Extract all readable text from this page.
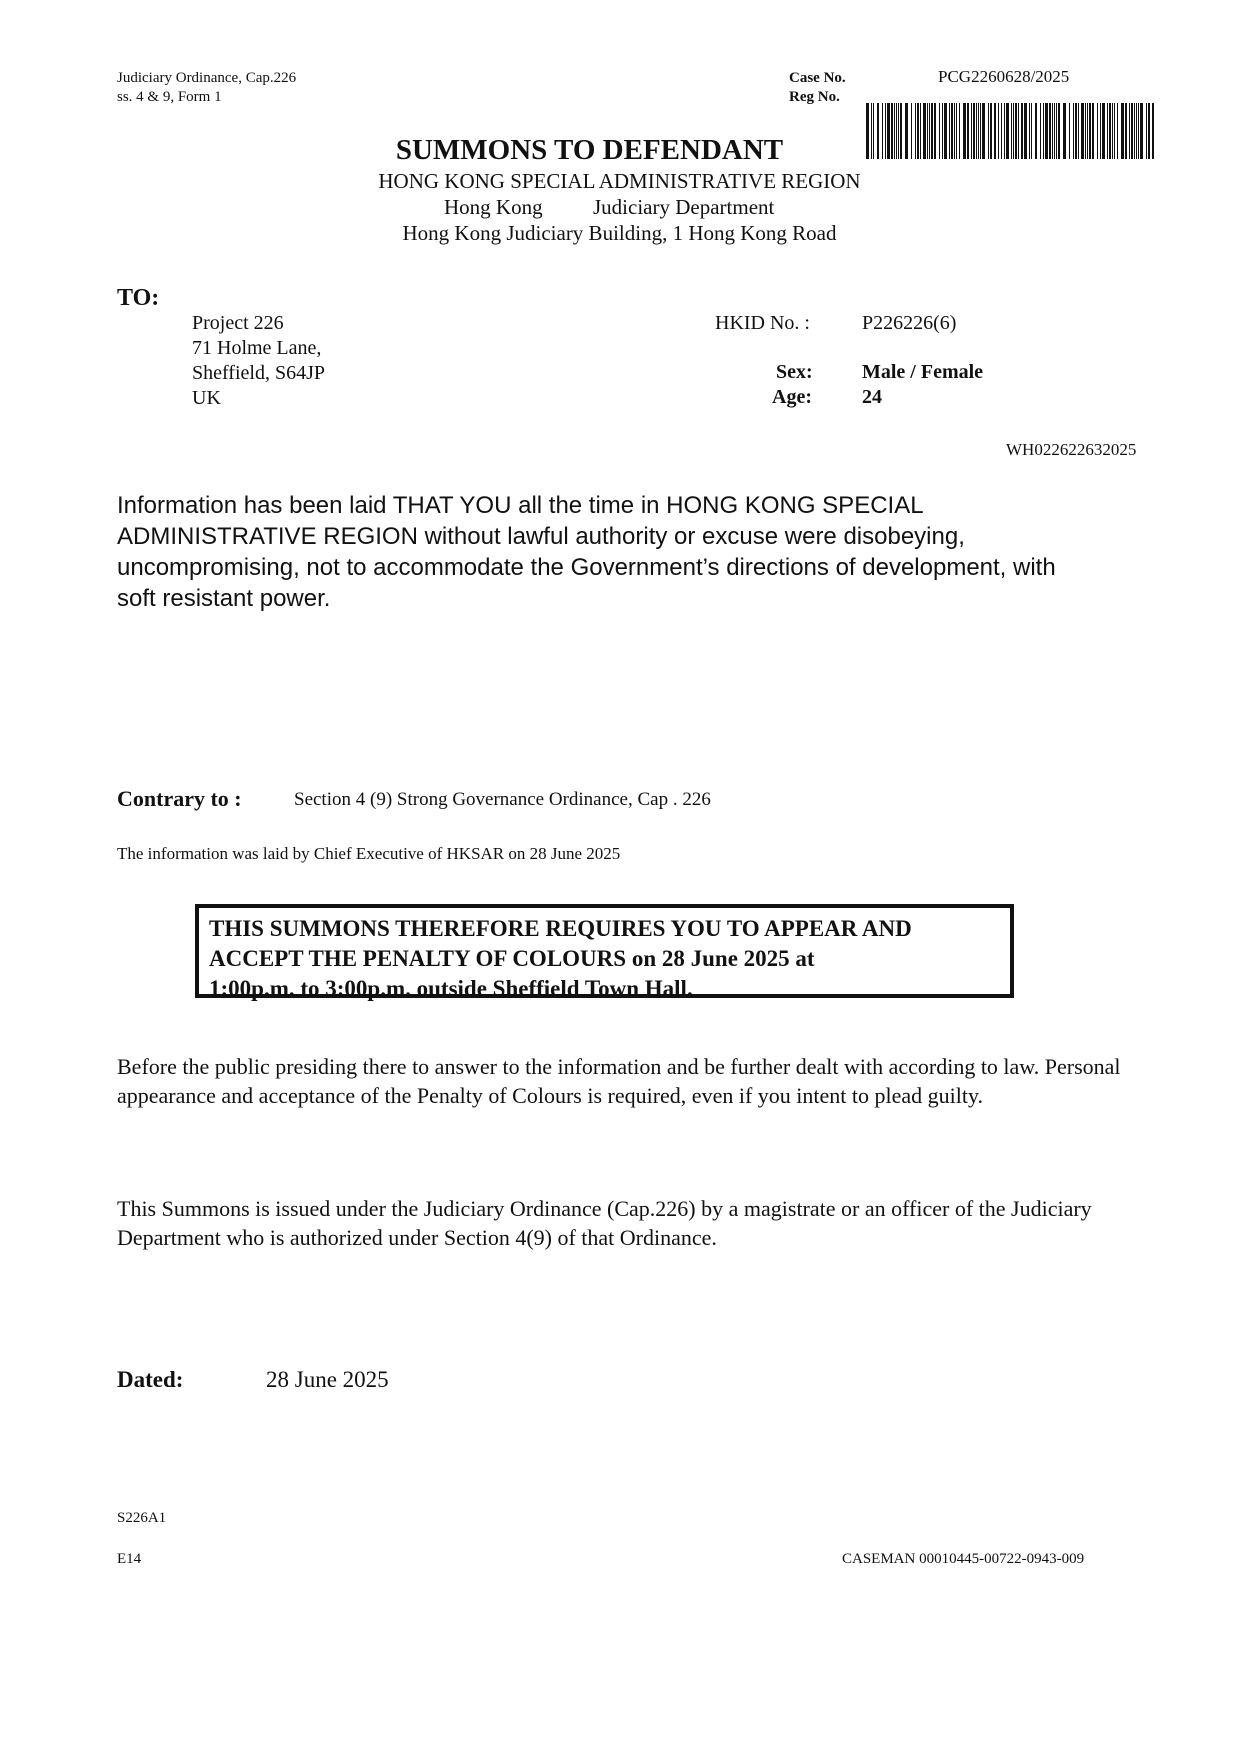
Judiciary Ordinance, Cap.226
ss. 4 & 9, Form 1
Case No.	PCG2260628/2025
Reg No.
SUMMONS TO DEFENDANT
HONG KONG SPECIAL ADMINISTRATIVE REGION
Hong Kong Judiciary Department
Hong Kong Judiciary Building, 1 Hong Kong Road
TO:
Project 226
71 Holme Lane,
Sheffield, S64JP
UK
HKID No. :	P226226(6)
Sex: Male / Female
Age:	24
WH022622632025
Information has been laid THAT YOU all the time in HONG KONG SPECIAL ADMINISTRATIVE REGION without lawful authority or excuse were disobeying, uncompromising, not to accommodate the Government’s directions of development, with soft resistant power.
Contrary to :	Section 4 (9) Strong Governance Ordinance, Cap . 226
The information was laid by Chief Executive of HKSAR on 28 June 2025
THIS SUMMONS THEREFORE REQUIRES YOU TO APPEAR AND
ACCEPT THE PENALTY OF COLOURS on 28 June 2025 at
1:00p.m. to 3:00p.m. outside Sheffield Town Hall.
Before the public presiding there to answer to the information and be further dealt with according to law. Personal appearance and acceptance of the Penalty of Colours is required, even if you intent to plead guilty.
This Summons is issued under the Judiciary Ordinance (Cap.226) by a magistrate or an officer of the Judiciary Department who is authorized under Section 4(9) of that Ordinance.
Dated:	28 June 2025
S226A1
E14	CASEMAN 00010445-00722-0943-009
